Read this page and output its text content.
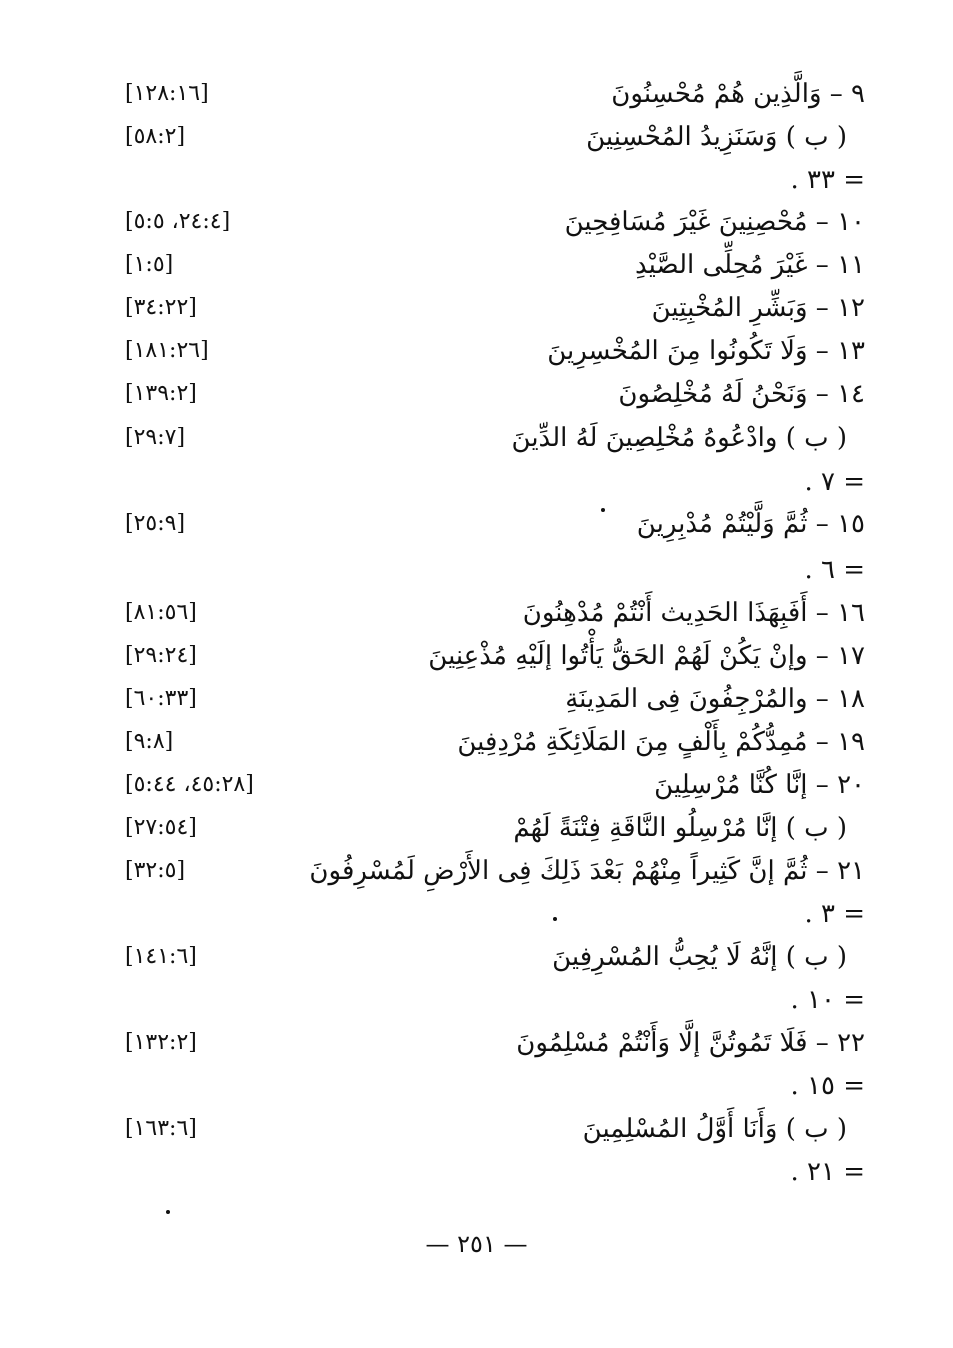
٩ – وَالَّذِين هُمْ مُحْسِنُونَ
[١٢٨:١٦]
( ب ) وَسَنَزِيدُ المُحْسِنِينَ
[٥٨:٢]
= ٣٣ .
١٠ – مُحْصِنِينَ غَيْرَ مُسَافِحِينَ
[٢٤:٤، ٥:٥]
١١ – غَيْرَ مُحِلِّى الصَّيْدِ
[١:٥]
١٢ – وَبَشِّرِ المُخْبِتِينَ
[٣٤:٢٢]
١٣ – وَلَا تَكُونُوا مِنَ المُخْسِرِينَ
[١٨١:٢٦]
١٤ – وَنَحْنُ لَهُ مُخْلِصُونَ
[١٣٩:٢]
( ب ) وادْعُوهُ مُخْلِصِينَ لَهُ الدِّينَ
[٢٩:٧]
= ٧ .
١٥ – ثُمَّ وَلَّيْتُمْ مُدْبِرِينَ
[٢٥:٩]
= ٦ .
١٦ – أَفَبِهَذَا الحَدِيث أَنْتُمْ مُدْهِنُونَ
[٨١:٥٦]
١٧ – وإنْ يَكُنْ لَهُمْ الحَقُّ يَأْتُوا إلَيْهِ مُذْعِنِينَ
[٢٩:٢٤]
١٨ – والمُرْجِفُونَ فِى المَدِينَةِ
[٦٠:٣٣]
١٩ – مُمِدُّكُمْ بِأَلْفٍ مِنَ المَلَائِكَةِ مُرْدِفِينَ
[٩:٨]
٢٠ – إنَّا كُنَّا مُرْسِلِينَ
[٤٥:٢٨، ٥:٤٤]
( ب ) إنَّا مُرْسِلُو النَّاقَةِ فِتْنَةً لَهُمْ
[٢٧:٥٤]
٢١ – ثُمَّ إنَّ كَثِيراً مِنْهُمْ بَعْدَ ذَلِكَ فِى الأَرْضِ لَمُسْرِفُونَ
[٣٢:٥]
= ٣ .
( ب ) إنَّهُ لَا يُحِبُّ المُسْرِفِينَ
[١٤١:٦]
= ١٠ .
٢٢ – فَلَا تَمُوتُنَّ إلَّا وَأَنْتُمْ مُسْلِمُونَ
[١٣٢:٢]
= ١٥ .
( ب ) وَأَنَا أَوَّلُ المُسْلِمِينَ
[١٦٣:٦]
= ٢١ .
— ٢٥١ —
